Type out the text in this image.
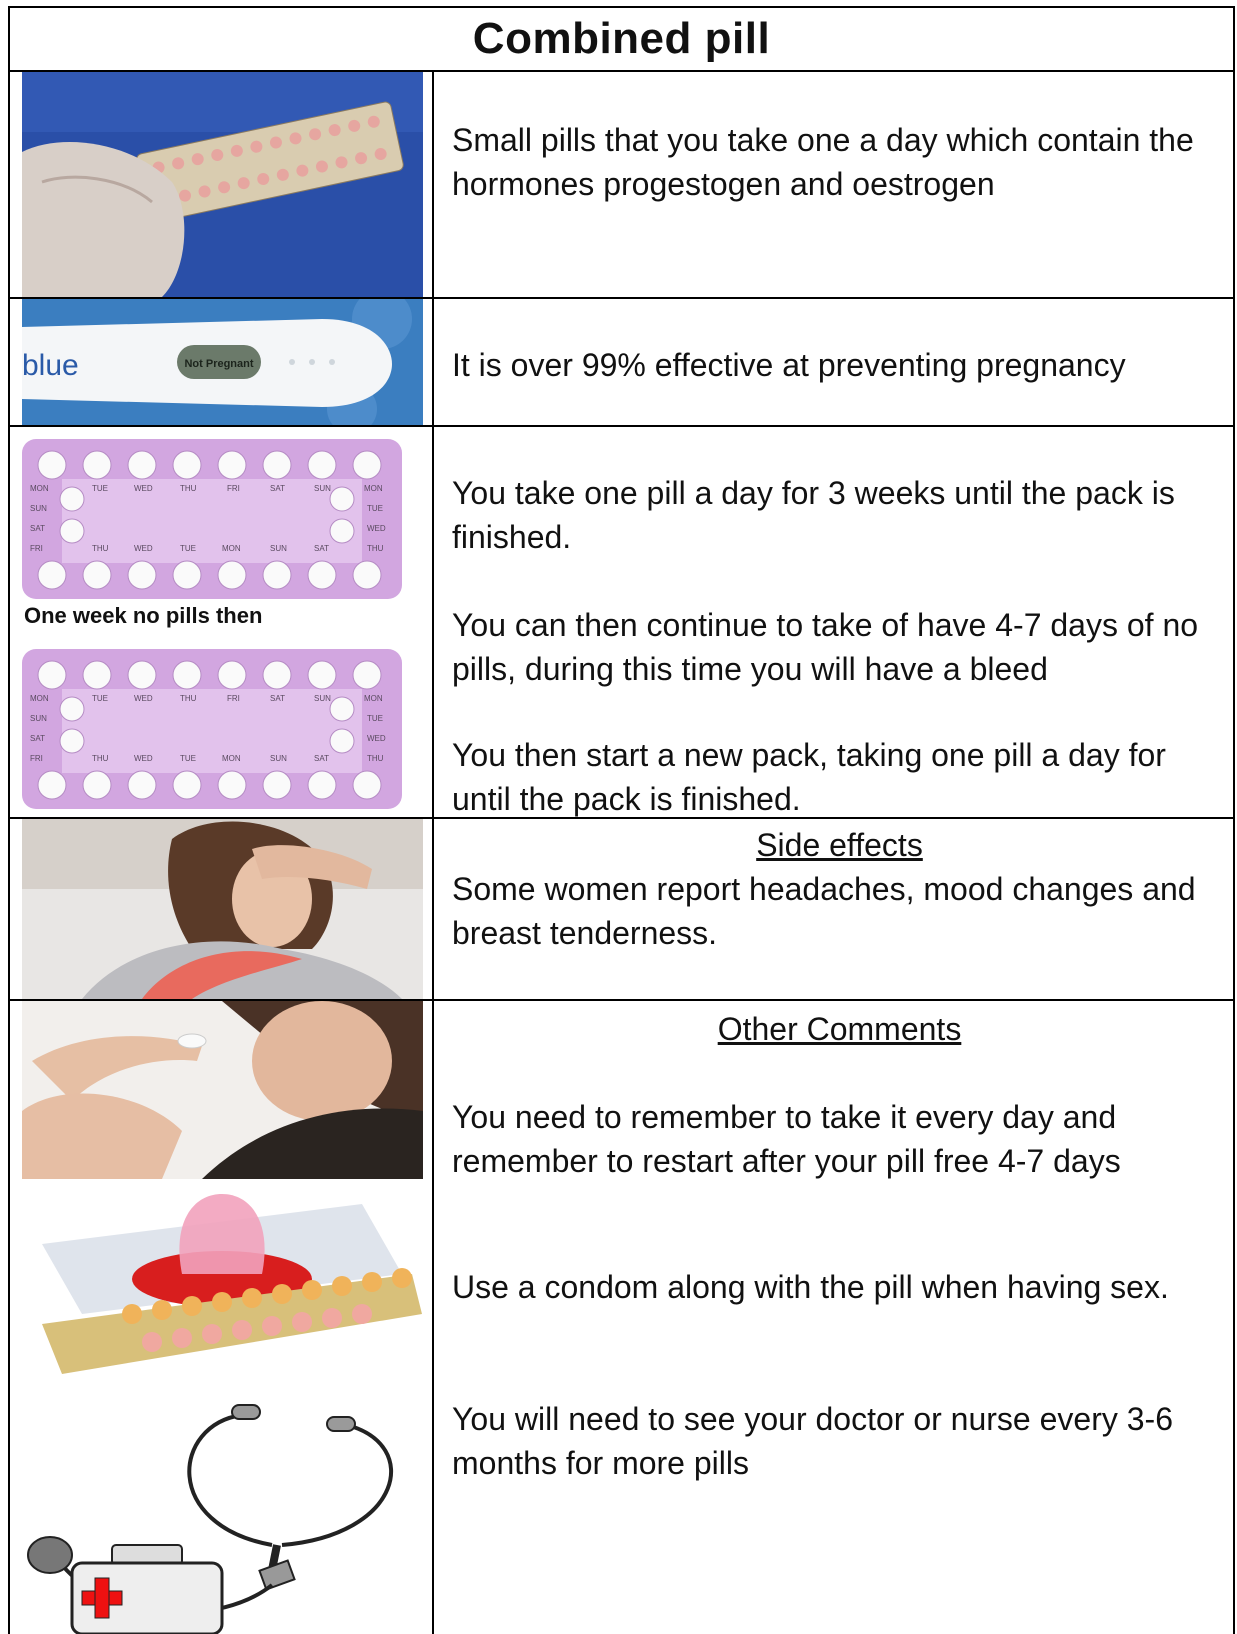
Combined pill
Small pills that you take one a day which contain the hormones progestogen and oestrogen
blue	Not Pregnant	It is over 99% effective at preventing pregnancy
MON	TUE	WED	THU	FRI	SAT	SUN	MON
SUN
SAT
FRI
TUE
WED
THU
THU	WED	TUE	MON	SUN	SAT
One week no pills then
MON	TUE	WED	THU	FRI	SAT	SUN	MON
SUN
SAT
FRI
TUE
WED
THU
THU	WED	TUE	MON	SUN	SAT
You take one pill a day for 3 weeks until the pack is finished.
You can then continue to take of have 4-7 days of no pills, during this time you will have a bleed
You then start a new pack, taking one pill a day for until the pack is finished.
Side effects
Some women report headaches, mood changes and breast tenderness.
Other Comments
You need to remember to take it every day and remember to restart after your pill free 4-7 days
Use a condom along with the pill when having sex.
You will need to see your doctor or nurse every 3-6 months for more pills
